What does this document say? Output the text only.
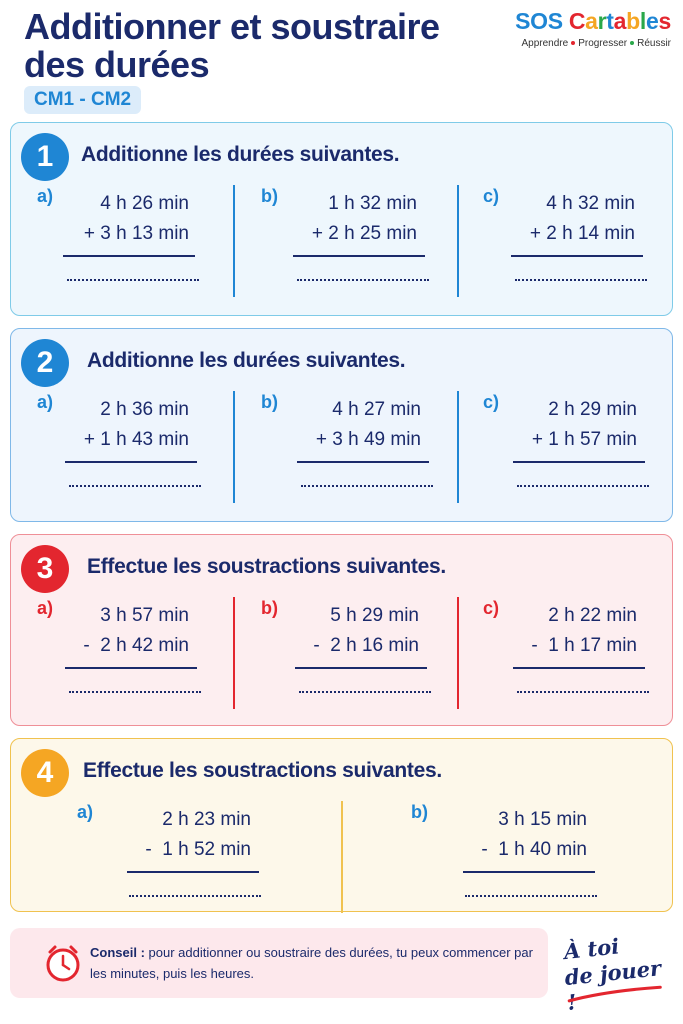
Additionner et soustraire
des durées
CM1 - CM2
SOS Cartables
Apprendre Progresser Réussir
1	Additionne les durées suivantes.
a)	4 h 26 min
+ 3 h 13 min
b)	1 h 32 min
+ 2 h 25 min
c)	4 h 32 min
+ 2 h 14 min
2	Additionne les durées suivantes.
a)	2 h 36 min
+ 1 h 43 min
b)	4 h 27 min
+ 3 h 49 min
c)	2 h 29 min
+ 1 h 57 min
3	Effectue les soustractions suivantes.
a)	3 h 57 min
-  2 h 42 min
b)	5 h 29 min
-  2 h 16 min
c)	2 h 22 min
-  1 h 17 min
4	Effectue les soustractions suivantes.
a)	2 h 23 min
-  1 h 52 min
b)	3 h 15 min
-  1 h 40 min
Conseil : pour additionner ou soustraire des durées, tu peux commencer par les minutes, puis les heures.
À toi
de jouer !
